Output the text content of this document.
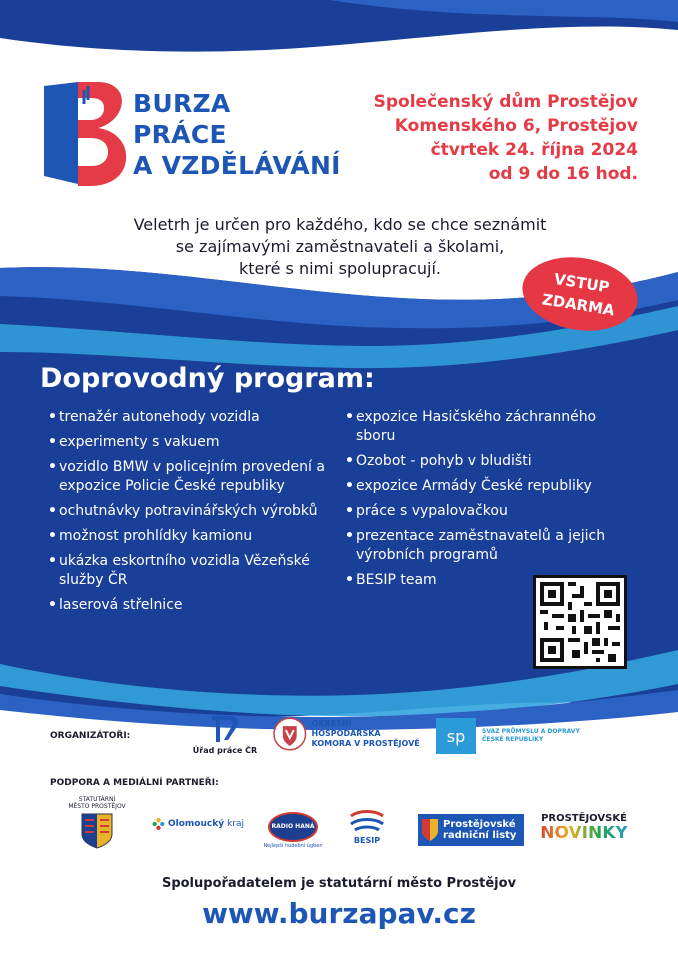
BURZA
PRÁCE
A VZDĚLÁVÁNÍ
Společenský dům Prostějov
Komenského 6, Prostějov
čtvrtek 24. října 2024
od 9 do 16 hod.
Veletrh je určen pro každého, kdo se chce seznámit
se zajímavými zaměstnavateli a školami,
které s nimi spolupracují.
VSTUP
ZDARMA
Doprovodný program:
• trenažér autonehody vozidla
• experimenty s vakuem
• vozidlo BMW v policejním provedení a expozice Policie České republiky
• ochutnávky potravinářských výrobků
• možnost prohlídky kamionu
• ukázka eskortního vozidla Vězeňské služby ČR
• laserová střelnice
• expozice Hasičského záchranného sboru
• Ozobot - pohyb v bludišti
• expozice Armády České republiky
• práce s vypalovačkou
• prezentace zaměstnavatelů a jejich výrobních programů
• BESIP team
ORGANIZÁTOŘI:
Úřad práce ČR
OKRESNÍ HOSPODÁŘSKÁ
KOMORA V PROSTĚJOVĚ	sp	SVAZ PRŮMYSLU A DOPRAVY
ČESKÉ REPUBLIKY
PODPORA A MEDIÁLNÍ PARTNEŘI:
STATUTÁRNÍ
MĚSTO PROSTĚJOV
Olomoucký kraj	RADIO HANÁ
Nejlepší hudební úgben
BESIP
Prostějovské
radniční listy
PROSTĚJOVSKÉ
NOVINKY
Spolupořadatelem je statutární město Prostějov
www.burzapav.cz
